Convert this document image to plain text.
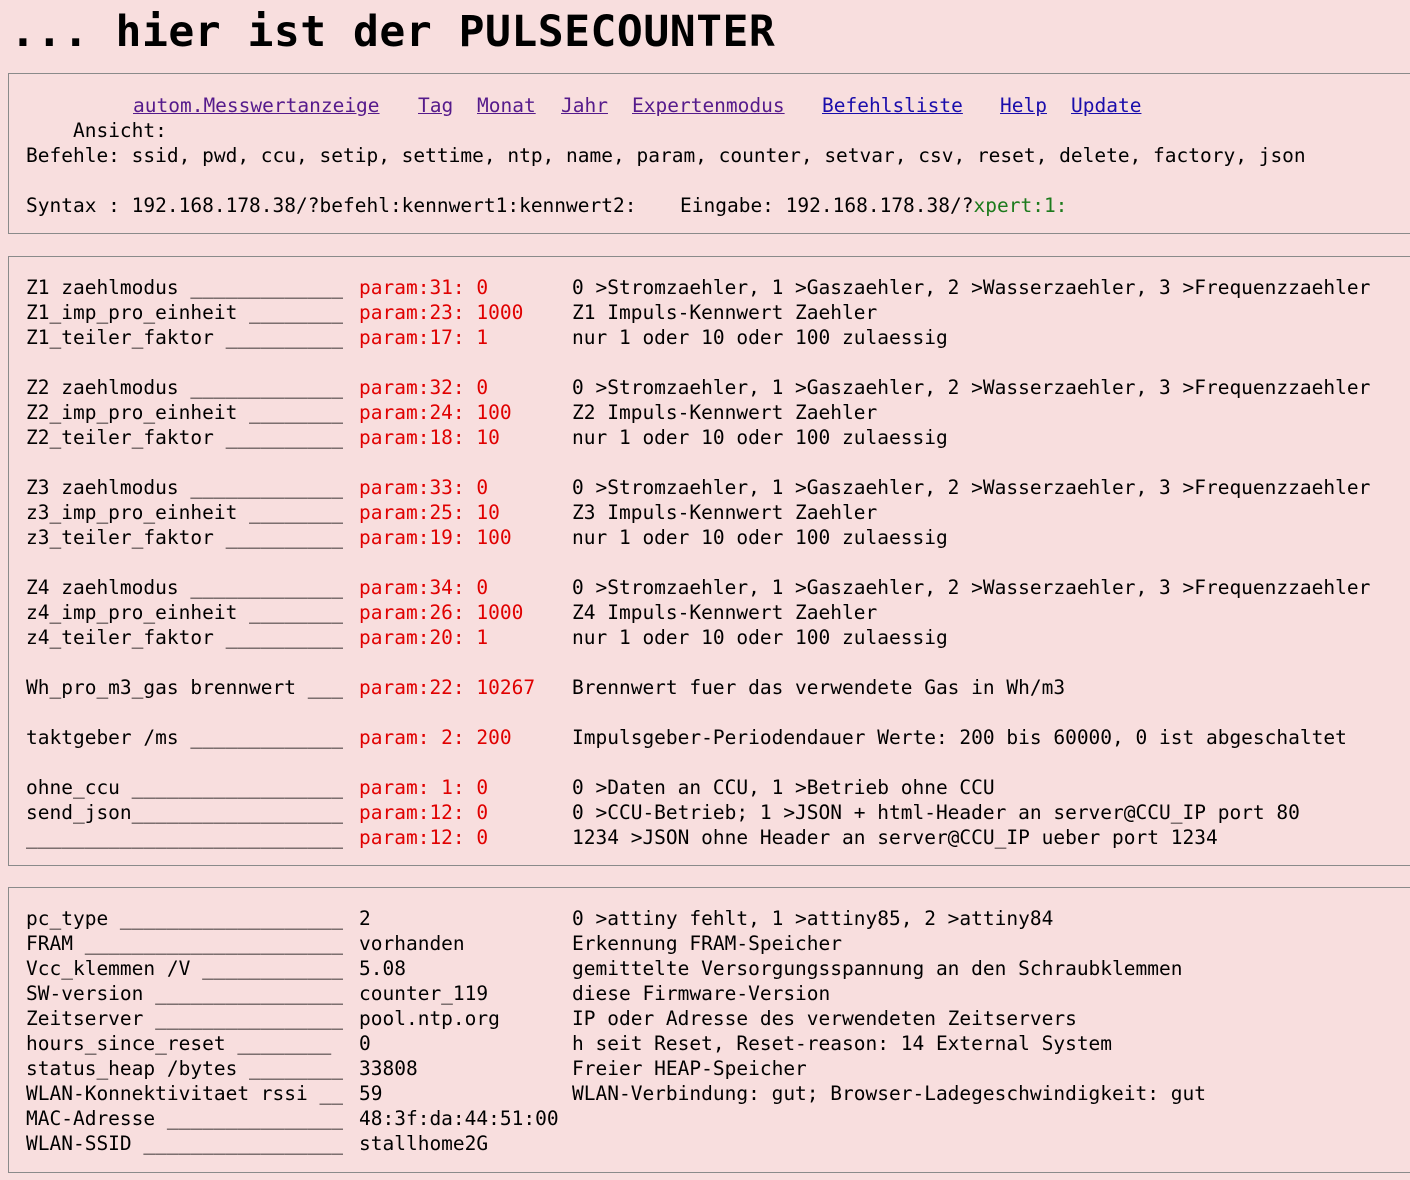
... hier ist der PULSECOUNTER

Ansicht:

autom.Messwertanzeige Tag Monat Jahr Expertenmodus Befehlsliste Help Update
Befehle: ssid, pwd, ccu, setip, settime, ntp, name, param, counter, setvar, csv, reset, delete, factory, json
Syntax : 192.168.178.38/?befehl:kennwert1:kennwert2: Eingabe: 192.168.178.38/?xpert:1:
Z1 zaehlmodus _____________ param:31: 0	0 >Stromzaehler, 1 >Gaszaehler, 2 >Wasserzaehler, 3 >Frequenzzaehler
Z1_imp_pro_einheit ________ param:23: 1000 Z1 Impuls-Kennwert Zaehler
Z1_teiler_faktor __________ param:17: 1	nur 1 oder 10 oder 100 zulaessig
Z2 zaehlmodus _____________ param:32: 0	0 >Stromzaehler, 1 >Gaszaehler, 2 >Wasserzaehler, 3 >Frequenzzaehler
Z2_imp_pro_einheit ________ param:24: 100	Z2 Impuls-Kennwert Zaehler
Z2_teiler_faktor __________ param:18: 10	nur 1 oder 10 oder 100 zulaessig
Z3 zaehlmodus _____________ param:33: 0	0 >Stromzaehler, 1 >Gaszaehler, 2 >Wasserzaehler, 3 >Frequenzzaehler
z3_imp_pro_einheit ________ param:25: 10	Z3 Impuls-Kennwert Zaehler
z3_teiler_faktor __________ param:19: 100	nur 1 oder 10 oder 100 zulaessig
Z4 zaehlmodus _____________ param:34: 0	0 >Stromzaehler, 1 >Gaszaehler, 2 >Wasserzaehler, 3 >Frequenzzaehler
z4_imp_pro_einheit ________ param:26: 1000 Z4 Impuls-Kennwert Zaehler
z4_teiler_faktor __________ param:20: 1	nur 1 oder 10 oder 100 zulaessig
Wh_pro_m3_gas brennwert ___ param:22: 10267 Brennwert fuer das verwendete Gas in Wh/m3
taktgeber /ms _____________ param: 2: 200	Impulsgeber-Periodendauer Werte: 200 bis 60000, 0 ist abgeschaltet
ohne_ccu __________________ param: 1: 0	0 >Daten an CCU, 1 >Betrieb ohne CCU
send_json__________________ param:12: 0	0 >CCU-Betrieb; 1 >JSON + html-Header an server@CCU_IP port 80
___________________________ param:12: 0	1234 >JSON ohne Header an server@CCU_IP ueber port 1234
pc_type ___________________ 2	0 >attiny fehlt, 1 >attiny85, 2 >attiny84
FRAM ______________________ vorhanden	Erkennung FRAM-Speicher
Vcc_klemmen /V ____________ 5.08	gemittelte Versorgungsspannung an den Schraubklemmen
SW-version ________________ counter_119	diese Firmware-Version
Zeitserver ________________ pool.ntp.org	IP oder Adresse des verwendeten Zeitservers
hours_since_reset ________ 0	h seit Reset, Reset-reason: 14 External System
status_heap /bytes ________ 33808	Freier HEAP-Speicher
WLAN-Konnektivitaet rssi __ 59	WLAN-Verbindung: gut; Browser-Ladegeschwindigkeit: gut
MAC-Adresse _______________ 48:3f:da:44:51:00
WLAN-SSID _________________ stallhome2G
